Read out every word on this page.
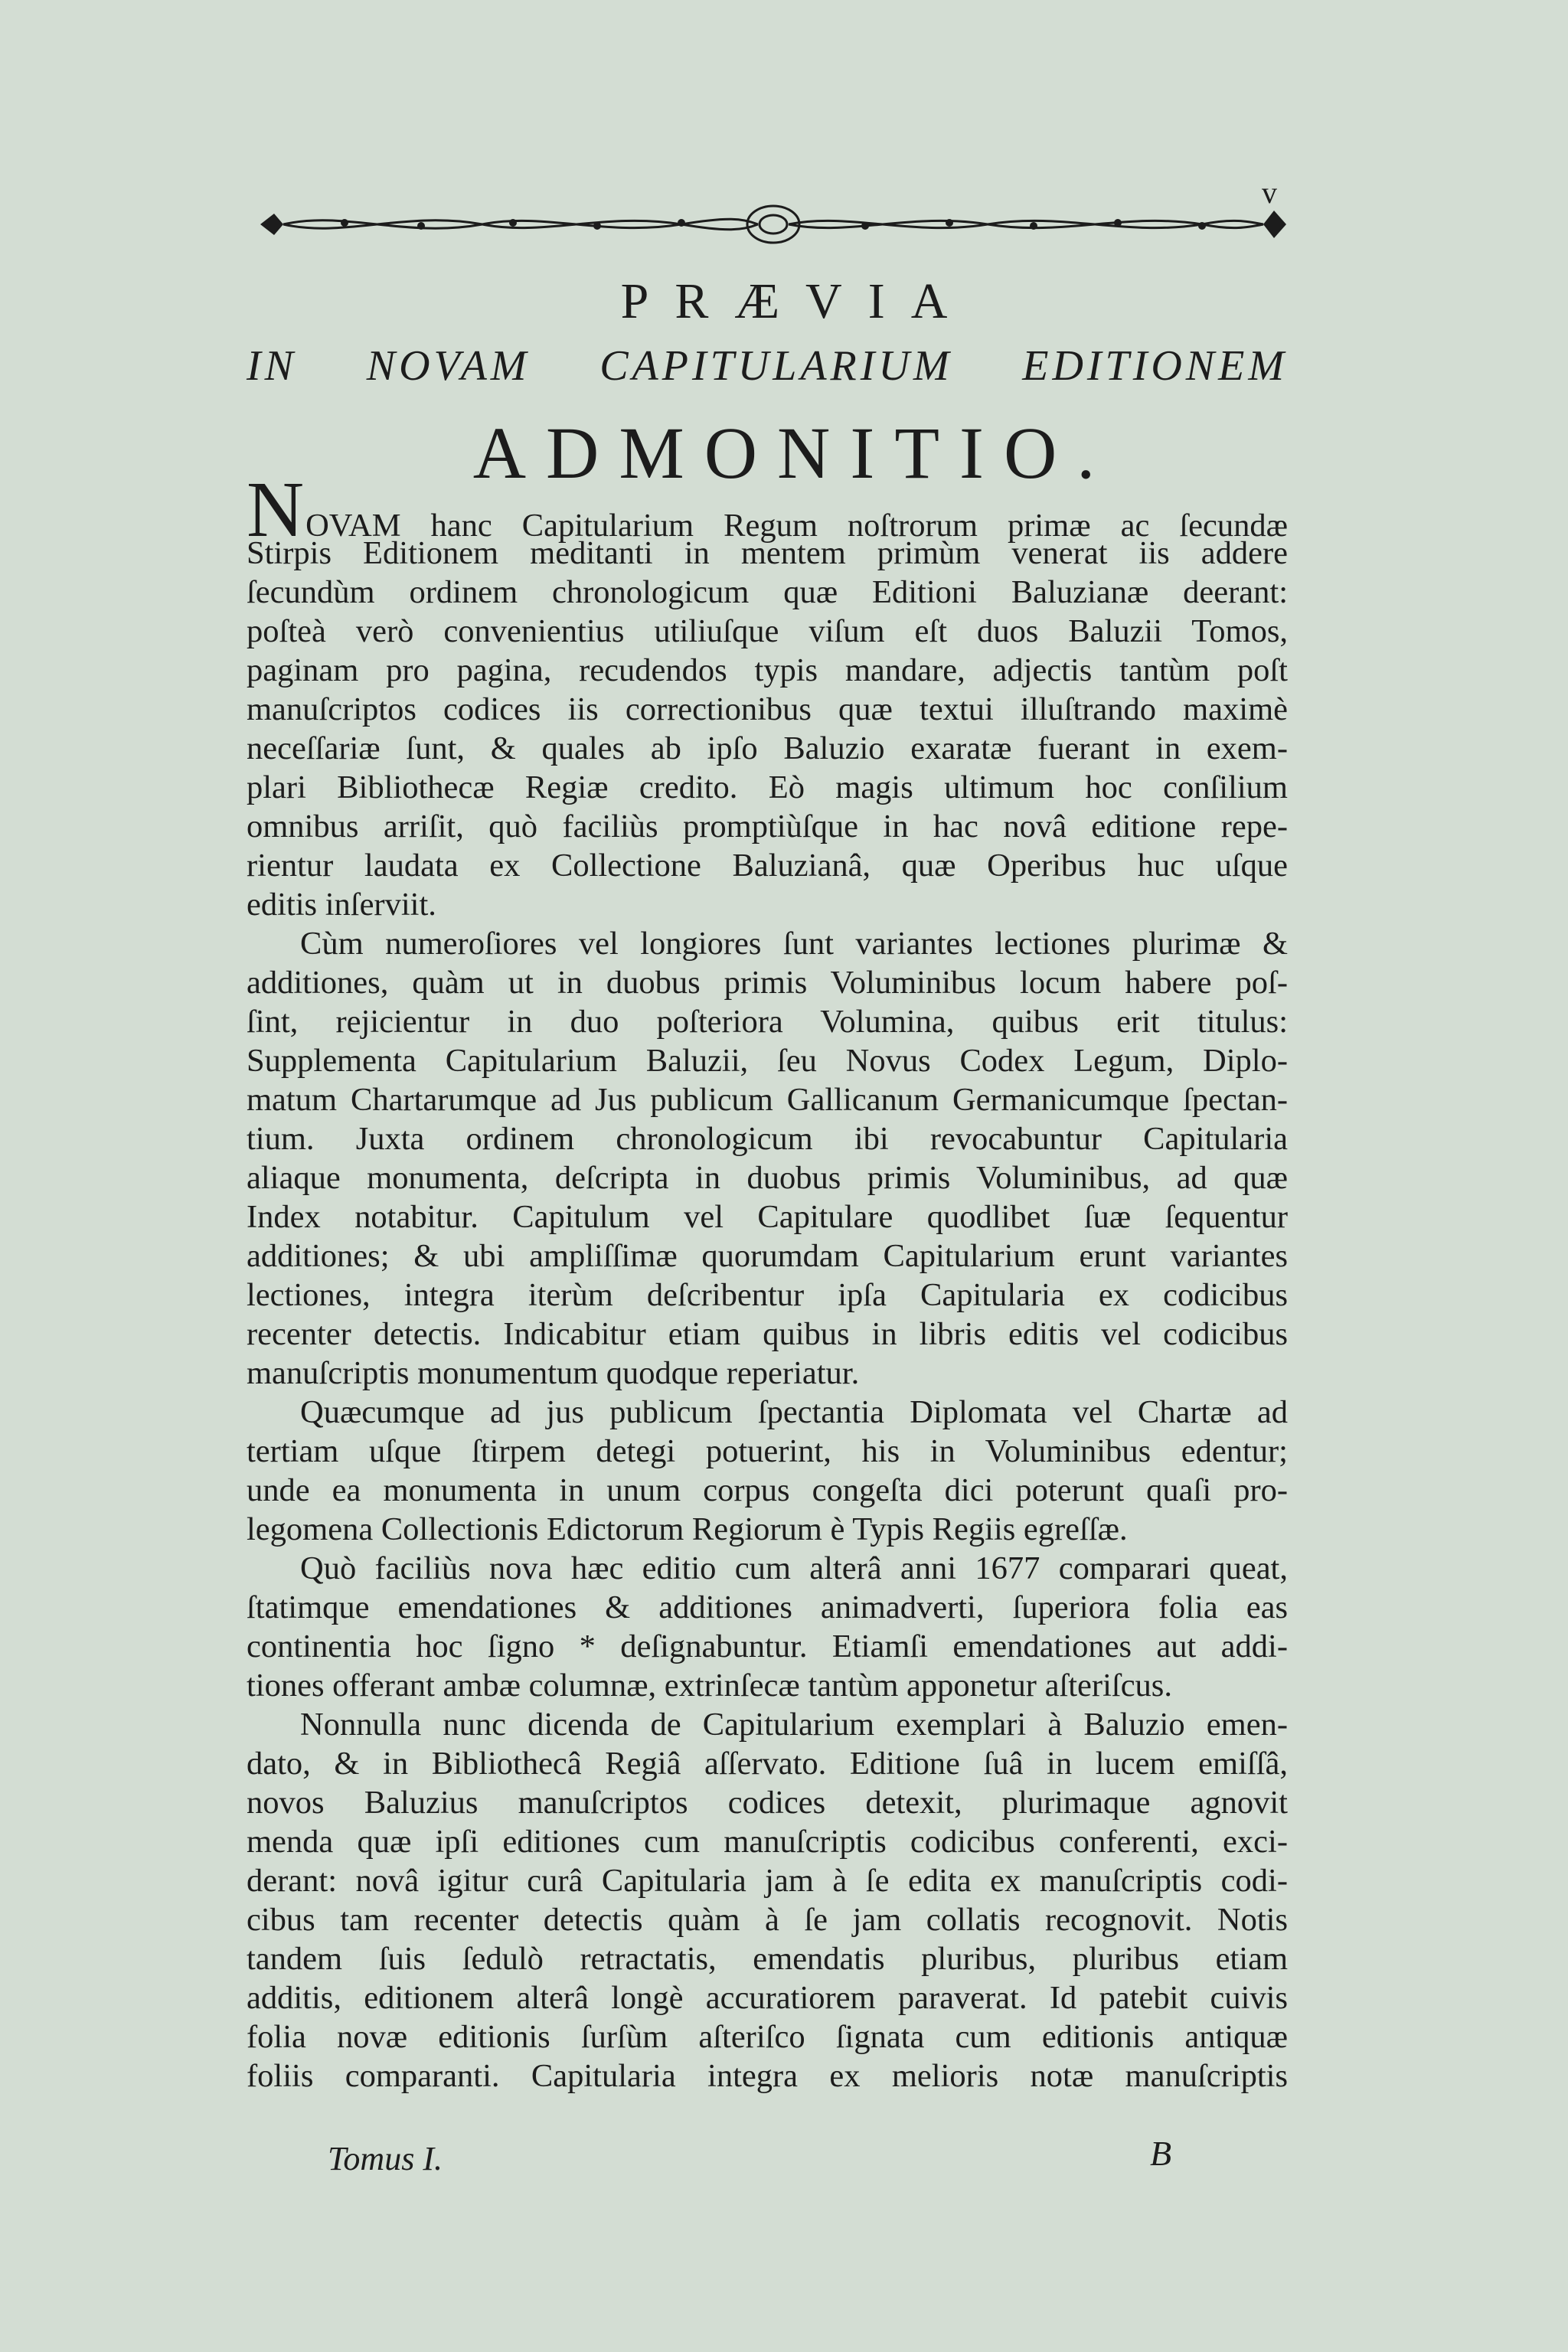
v
PRÆVIA
IN NOVAM CAPITULARIUM EDITIONEM
ADMONITIO.
NOVAM hanc Capitularium Regum noſtrorum primæ ac ſecundæ
Stirpis Editionem meditanti in mentem primùm venerat iis addere
ſecundùm ordinem chronologicum quæ Editioni Baluzianæ deerant:
poſteà verò convenientius utiliuſque viſum eſt duos Baluzii Tomos,
paginam pro pagina, recudendos typis mandare, adjectis tantùm poſt
manuſcriptos codices iis correctionibus quæ textui illuſtrando maximè
neceſſariæ ſunt, & quales ab ipſo Baluzio exaratæ fuerant in exem-
plari Bibliothecæ Regiæ credito. Eò magis ultimum hoc conſilium
omnibus arriſit, quò faciliùs promptiùſque in hac novâ editione repe-
rientur laudata ex Collectione Baluzianâ, quæ Operibus huc uſque
editis inſerviit.
Cùm numeroſiores vel longiores ſunt variantes lectiones plurimæ &
additiones, quàm ut in duobus primis Voluminibus locum habere poſ-
ſint, rejicientur in duo poſteriora Volumina, quibus erit titulus:
Supplementa Capitularium Baluzii, ſeu Novus Codex Legum, Diplo-
matum Chartarumque ad Jus publicum Gallicanum Germanicumque ſpectan-
tium. Juxta ordinem chronologicum ibi revocabuntur Capitularia
aliaque monumenta, deſcripta in duobus primis Voluminibus, ad quæ
Index notabitur. Capitulum vel Capitulare quodlibet ſuæ ſequentur
additiones; & ubi ampliſſimæ quorumdam Capitularium erunt variantes
lectiones, integra iterùm deſcribentur ipſa Capitularia ex codicibus
recenter detectis. Indicabitur etiam quibus in libris editis vel codicibus
manuſcriptis monumentum quodque reperiatur.
Quæcumque ad jus publicum ſpectantia Diplomata vel Chartæ ad
tertiam uſque ſtirpem detegi potuerint, his in Voluminibus edentur;
unde ea monumenta in unum corpus congeſta dici poterunt quaſi pro-
legomena Collectionis Edictorum Regiorum è Typis Regiis egreſſæ.
Quò faciliùs nova hæc editio cum alterâ anni 1677 comparari queat,
ſtatimque emendationes & additiones animadverti, ſuperiora folia eas
continentia hoc ſigno * deſignabuntur. Etiamſi emendationes aut addi-
tiones offerant ambæ columnæ, extrinſecæ tantùm apponetur aſteriſcus.
Nonnulla nunc dicenda de Capitularium exemplari à Baluzio emen-
dato, & in Bibliothecâ Regiâ aſſervato. Editione ſuâ in lucem emiſſâ,
novos Baluzius manuſcriptos codices detexit, plurimaque agnovit
menda quæ ipſi editiones cum manuſcriptis codicibus conferenti, exci-
derant: novâ igitur curâ Capitularia jam à ſe edita ex manuſcriptis codi-
cibus tam recenter detectis quàm à ſe jam collatis recognovit. Notis
tandem ſuis ſedulò retractatis, emendatis pluribus, pluribus etiam
additis, editionem alterâ longè accuratiorem paraverat. Id patebit cuivis
folia novæ editionis ſurſùm aſteriſco ſignata cum editionis antiquæ
foliis comparanti. Capitularia integra ex melioris notæ manuſcriptis
Tomus I.	B
